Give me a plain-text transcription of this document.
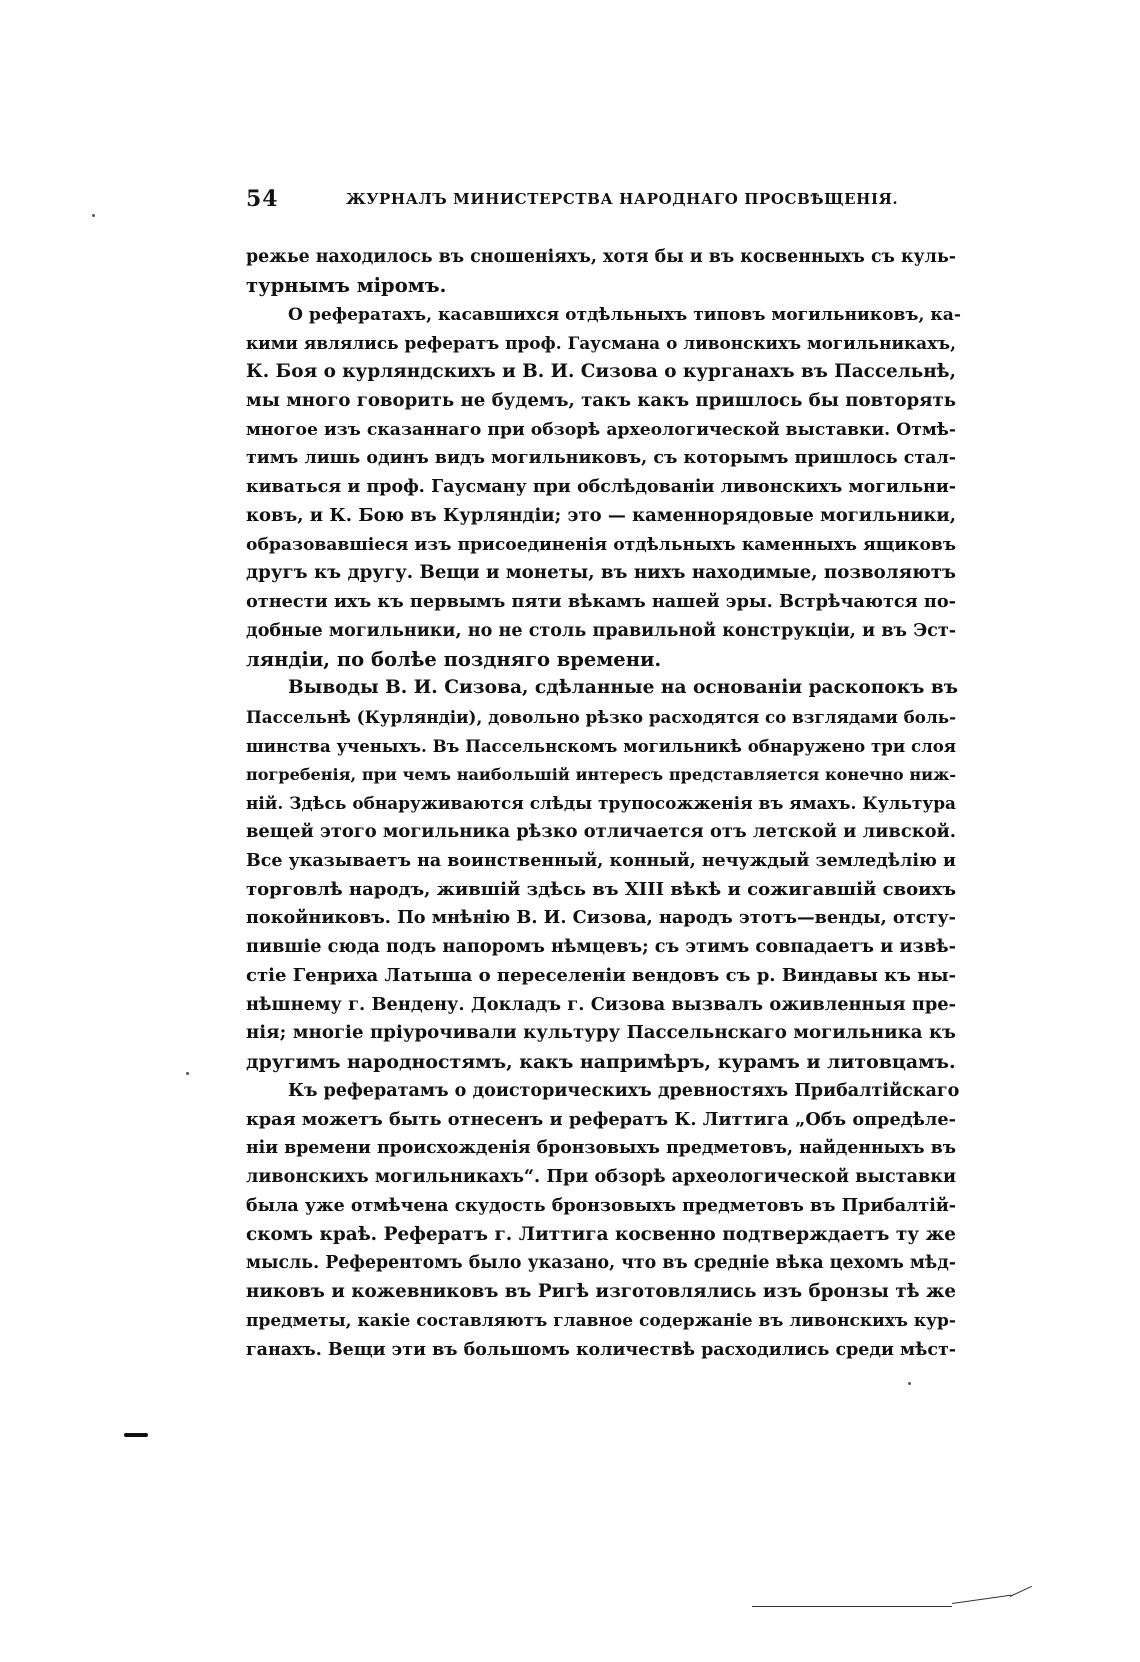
54	ЖУРНАЛЪ МИНИСТЕРСТВА НАРОДНАГО ПРОСВѢЩЕНІЯ.
режье находилось въ сношеніяхъ, хотя бы и въ косвенныхъ съ куль-
турнымъ міромъ.
О рефератахъ, касавшихся отдѣльныхъ типовъ могильниковъ, ка-
кими являлись рефератъ проф. Гаусмана о ливонскихъ могильникахъ,
К. Боя о курляндскихъ и В. И. Сизова о курганахъ въ Пассельнѣ,
мы много говорить не будемъ, такъ какъ пришлось бы повторять
многое изъ сказаннаго при обзорѣ археологической выставки. Отмѣ-
тимъ лишь одинъ видъ могильниковъ, съ которымъ пришлось стал-
киваться и проф. Гаусману при обслѣдованіи ливонскихъ могильни-
ковъ, и К. Бою въ Курляндіи; это — каменнорядовые могильники,
образовавшіеся изъ присоединенія отдѣльныхъ каменныхъ ящиковъ
другъ къ другу. Вещи и монеты, въ нихъ находимые, позволяютъ
отнести ихъ къ первымъ пяти вѣкамъ нашей эры. Встрѣчаются по-
добные могильники, но не столь правильной конструкціи, и въ Эст-
ляндіи, по болѣе поздняго времени.
Выводы В. И. Сизова, сдѣланные на основаніи раскопокъ въ
Пассельнѣ (Курляндіи), довольно рѣзко расходятся со взглядами боль-
шинства ученыхъ. Въ Пассельнскомъ могильникѣ обнаружено три слоя
погребенія, при чемъ наибольшій интересъ представляется конечно ниж-
ній. Здѣсь обнаруживаются слѣды трупосожженія въ ямахъ. Культура
вещей этого могильника рѣзко отличается отъ летской и ливской.
Все указываетъ на воинственный, конный, нечуждый земледѣлію и
торговлѣ народъ, жившій здѣсь въ XIII вѣкѣ и сожигавшій своихъ
покойниковъ. По мнѣнію В. И. Сизова, народъ этотъ—венды, отсту-
пившіе сюда подъ напоромъ нѣмцевъ; съ этимъ совпадаетъ и извѣ-
стіе Генриха Латыша о переселеніи вендовъ съ р. Виндавы къ ны-
нѣшнему г. Вендену. Докладъ г. Сизова вызвалъ оживленныя пре-
нія; многіе пріурочивали культуру Пассельнскаго могильника къ
другимъ народностямъ, какъ напримѣръ, курамъ и литовцамъ.
Къ рефератамъ о доисторическихъ древностяхъ Прибалтійскаго
края можетъ быть отнесенъ и рефератъ К. Литтига „Объ опредѣле-
ніи времени происхожденія бронзовыхъ предметовъ, найденныхъ въ
ливонскихъ могильникахъ“. При обзорѣ археологической выставки
была уже отмѣчена скудость бронзовыхъ предметовъ въ Прибалтій-
скомъ краѣ. Рефератъ г. Литтига косвенно подтверждаетъ ту же
мысль. Референтомъ было указано, что въ средніе вѣка цехомъ мѣд-
никовъ и кожевниковъ въ Ригѣ изготовлялись изъ бронзы тѣ же
предметы, какіе составляютъ главное содержаніе въ ливонскихъ кур-
ганахъ. Вещи эти въ большомъ количествѣ расходились среди мѣст-
